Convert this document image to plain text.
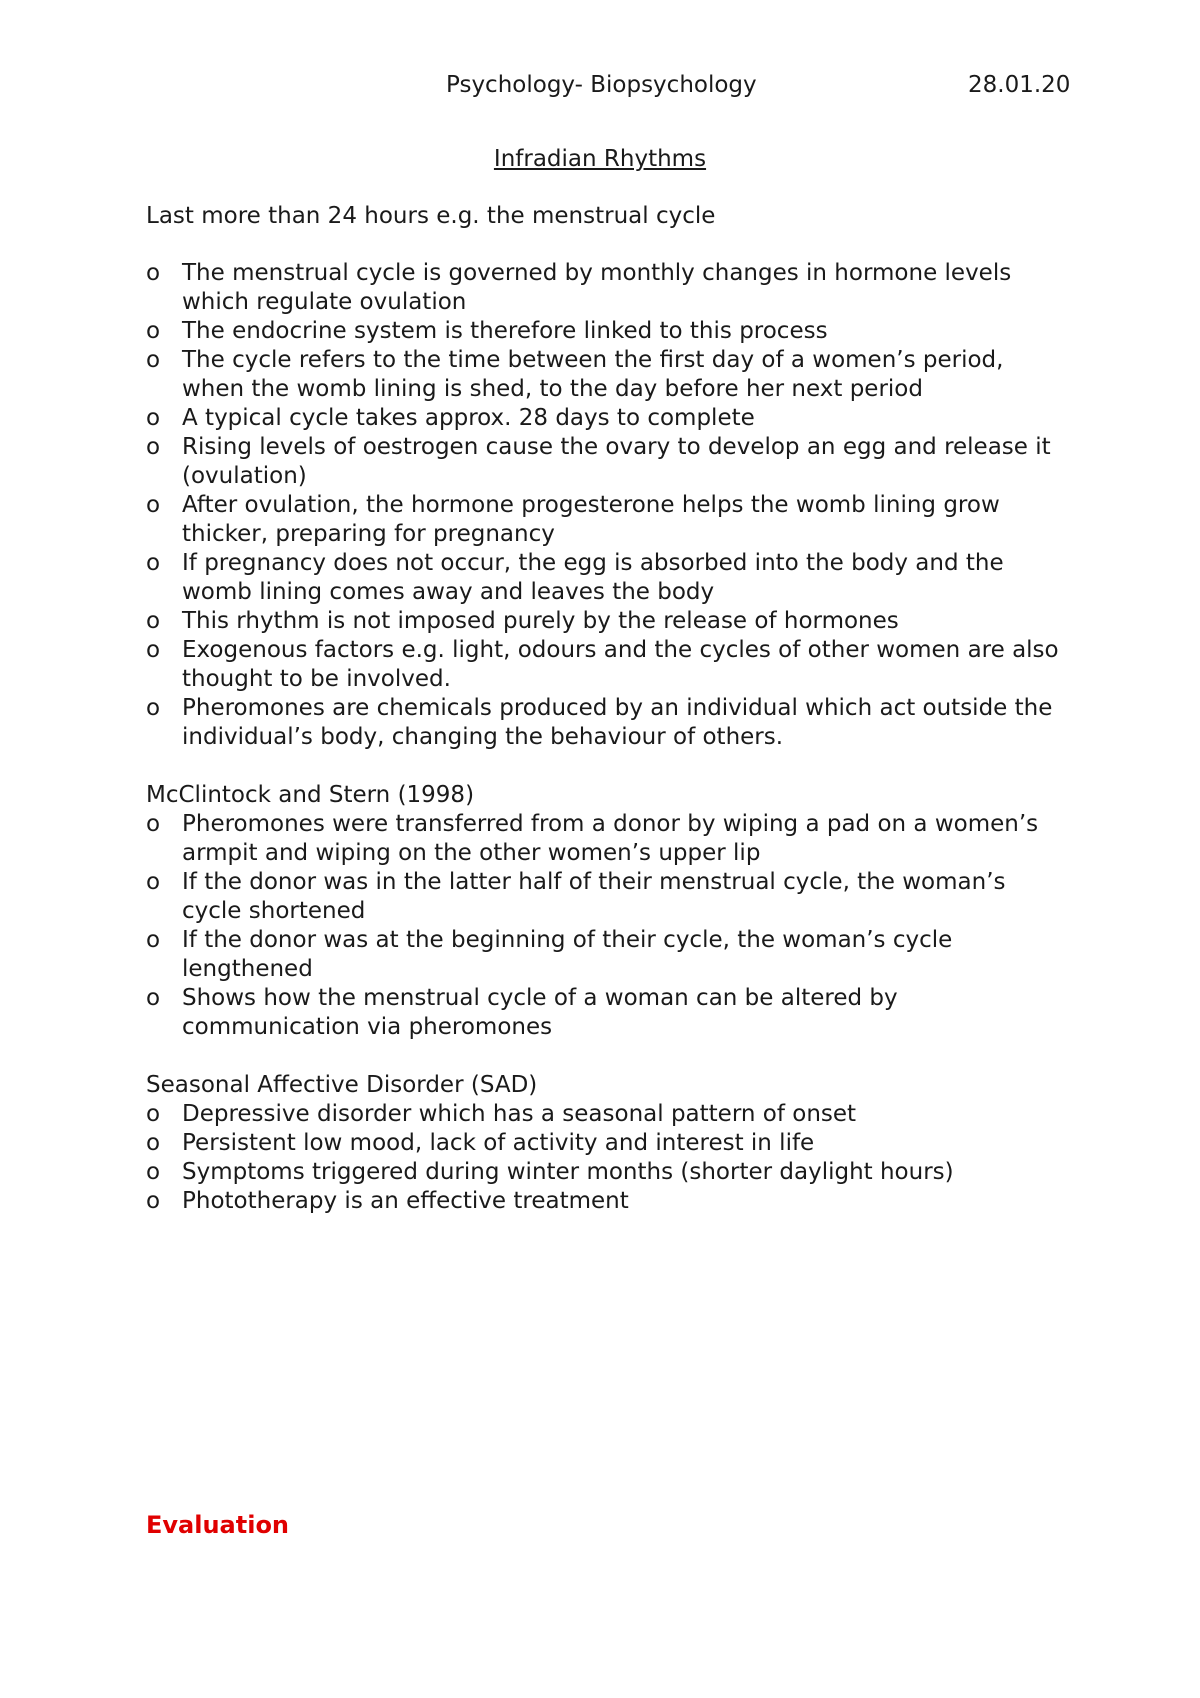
Psychology- Biopsychology	28.01.20
Infradian Rhythms

Last more than 24 hours e.g. the menstrual cycle

o The menstrual cycle is governed by monthly changes in hormone levels which regulate ovulation
o The endocrine system is therefore linked to this process
o The cycle refers to the time between the first day of a women’s period, when the womb lining is shed, to the day before her next period
o A typical cycle takes approx. 28 days to complete
o Rising levels of oestrogen cause the ovary to develop an egg and release it (ovulation)
o After ovulation, the hormone progesterone helps the womb lining grow thicker, preparing for pregnancy
o If pregnancy does not occur, the egg is absorbed into the body and the womb lining comes away and leaves the body
o This rhythm is not imposed purely by the release of hormones
o Exogenous factors e.g. light, odours and the cycles of other women are also thought to be involved.
o Pheromones are chemicals produced by an individual which act outside the individual’s body, changing the behaviour of others.

McClintock and Stern (1998)

o Pheromones were transferred from a donor by wiping a pad on a women’s armpit and wiping on the other women’s upper lip
o If the donor was in the latter half of their menstrual cycle, the woman’s cycle shortened
o If the donor was at the beginning of their cycle, the woman’s cycle lengthened
o Shows how the menstrual cycle of a woman can be altered by communication via pheromones

Seasonal Affective Disorder (SAD)

o Depressive disorder which has a seasonal pattern of onset
o Persistent low mood, lack of activity and interest in life
o Symptoms triggered during winter months (shorter daylight hours)
o Phototherapy is an effective treatment
Evaluation
